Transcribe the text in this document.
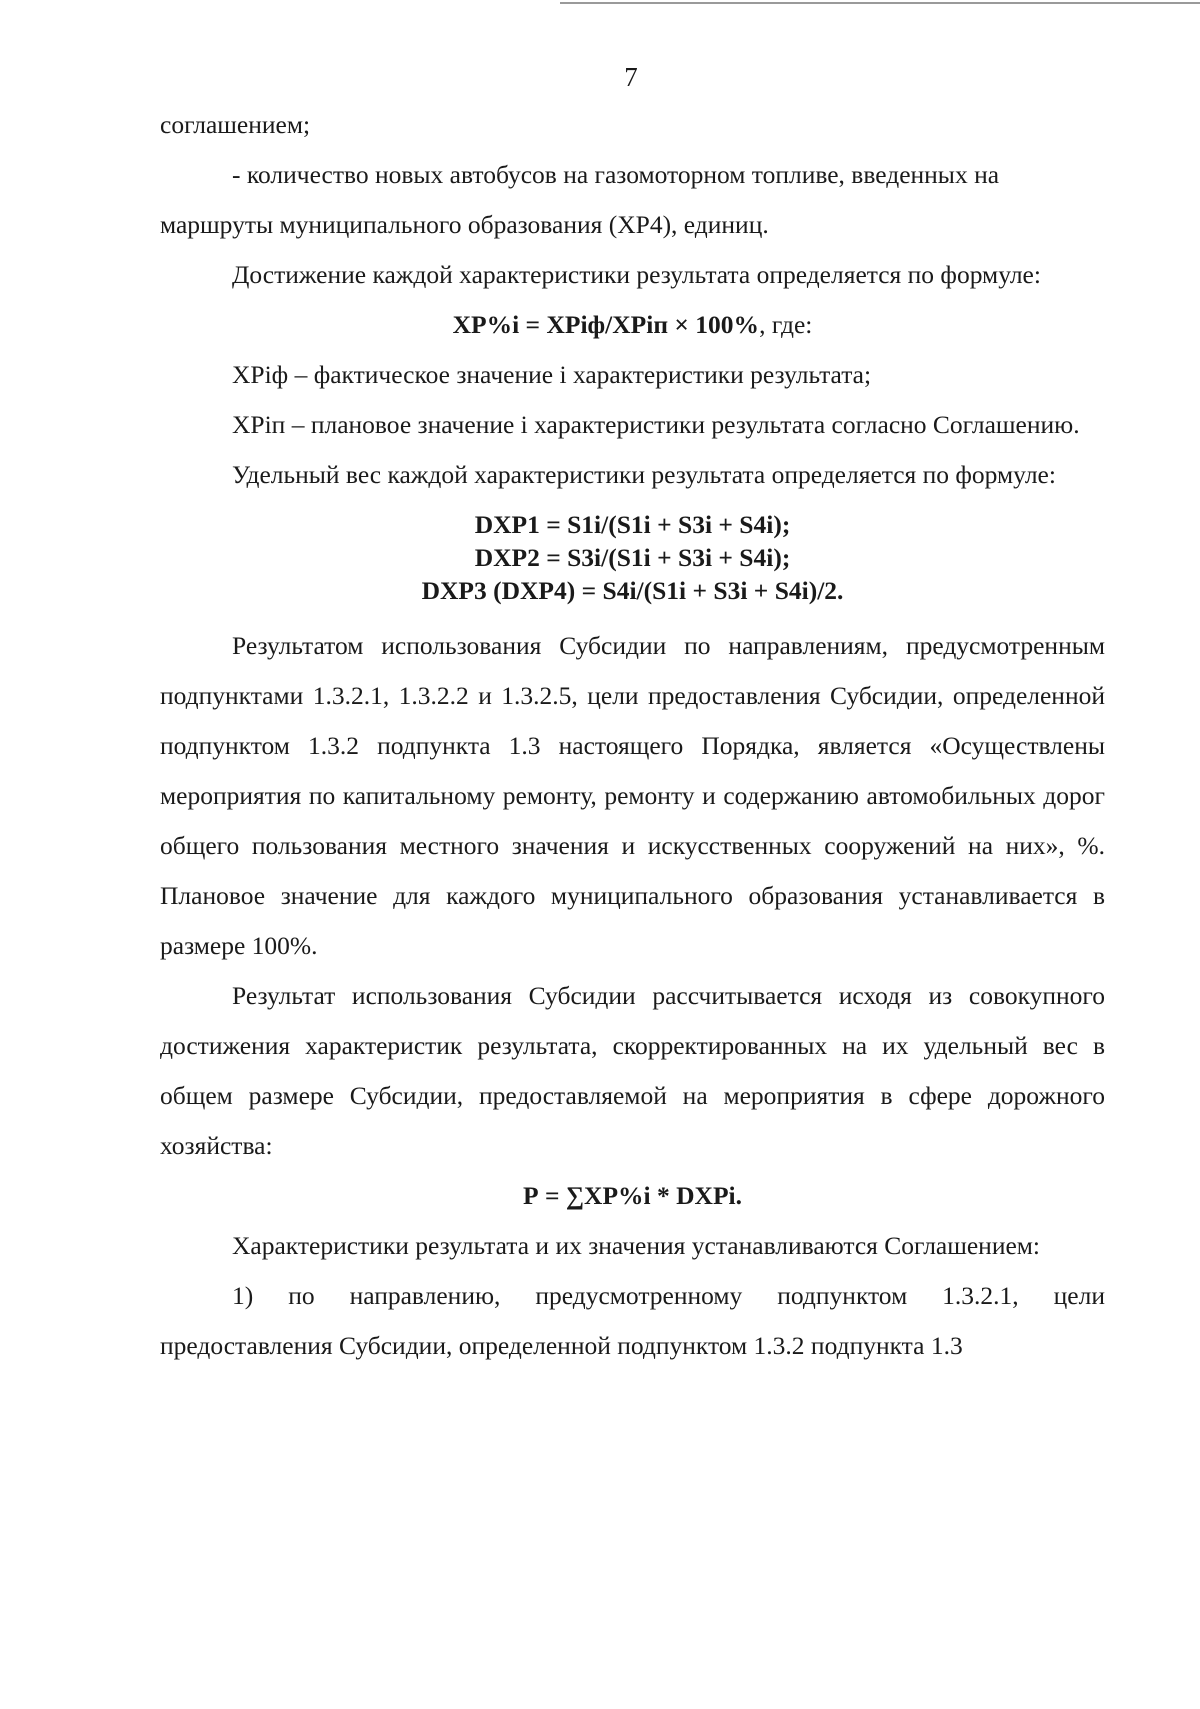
7

соглашением;

- количество новых автобусов на газомоторном топливе, введенных на

маршруты муниципального образования (ХР4), единиц.

Достижение каждой характеристики результата определяется по формуле:

ХР%i = ХРiф/ХРiп × 100%, где:

ХРiф – фактическое значение i характеристики результата;

ХРiп – плановое значение i характеристики результата согласно Соглашению.

Удельный вес каждой характеристики результата определяется по формуле:

DХР1 = S1i/(S1i + S3i + S4i);
DХР2 = S3i/(S1i + S3i + S4i);
DХР3 (DХР4) = S4i/(S1i + S3i + S4i)/2.

Результатом использования Субсидии по направлениям, предусмотренным подпунктами 1.3.2.1, 1.3.2.2 и 1.3.2.5, цели предоставления Субсидии, определенной подпунктом 1.3.2 подпункта 1.3 настоящего Порядка, является «Осуществлены мероприятия по капитальному ремонту, ремонту и содержанию автомобильных дорог общего пользования местного значения и искусственных сооружений на них», %. Плановое значение для каждого муниципального образования устанавливается в размере 100%.

Результат использования Субсидии рассчитывается исходя из совокупного достижения характеристик результата, скорректированных на их удельный вес в общем размере Субсидии, предоставляемой на мероприятия в сфере дорожного хозяйства:

Р = ∑ХР%i * DХРi.

Характеристики результата и их значения устанавливаются Соглашением:

1) по направлению, предусмотренному подпунктом 1.3.2.1, цели предоставления Субсидии, определенной подпунктом 1.3.2 подпункта 1.3
